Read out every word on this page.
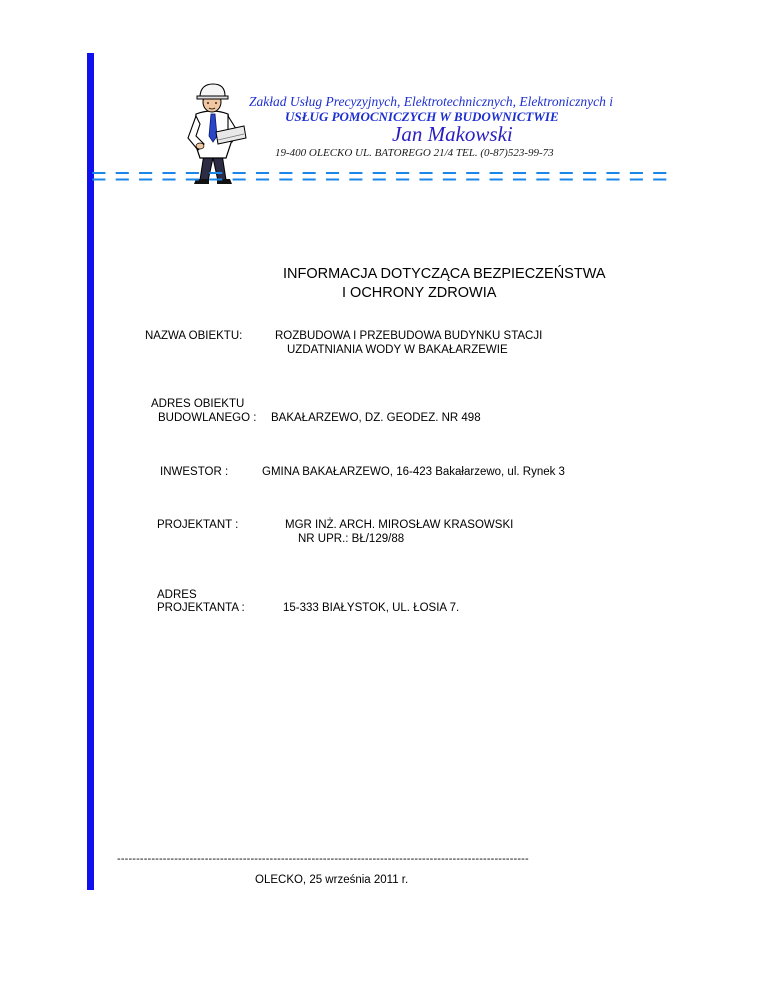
Zakład Usług Precyzyjnych, Elektrotechnicznych, Elektronicznych i
USŁUG POMOCNICZYCH W BUDOWNICTWIE
Jan Makowski
19-400 OLECKO UL. BATOREGO 21/4 TEL. (0-87)523-99-73
=========================
INFORMACJA DOTYCZĄCA BEZPIECZEŃSTWA
I OCHRONY ZDROWIA
NAZWA OBIEKTU:	ROZBUDOWA I PRZEBUDOWA BUDYNKU STACJI
UZDATNIANIA WODY W BAKAŁARZEWIE
ADRES OBIEKTU
BUDOWLANEGO : BAKAŁARZEWO, DZ. GEODEZ. NR 498
INWESTOR :	GMINA BAKAŁARZEWO, 16-423 Bakałarzewo, ul. Rynek 3
PROJEKTANT :	MGR INŻ. ARCH. MIROSŁAW KRASOWSKI
NR UPR.: BŁ/129/88
ADRES
PROJEKTANTA :	15-333 BIAŁYSTOK, UL. ŁOSIA 7.
------------------------------------------------------------------------------------------------------------
OLECKO, 25 września 2011 r.
